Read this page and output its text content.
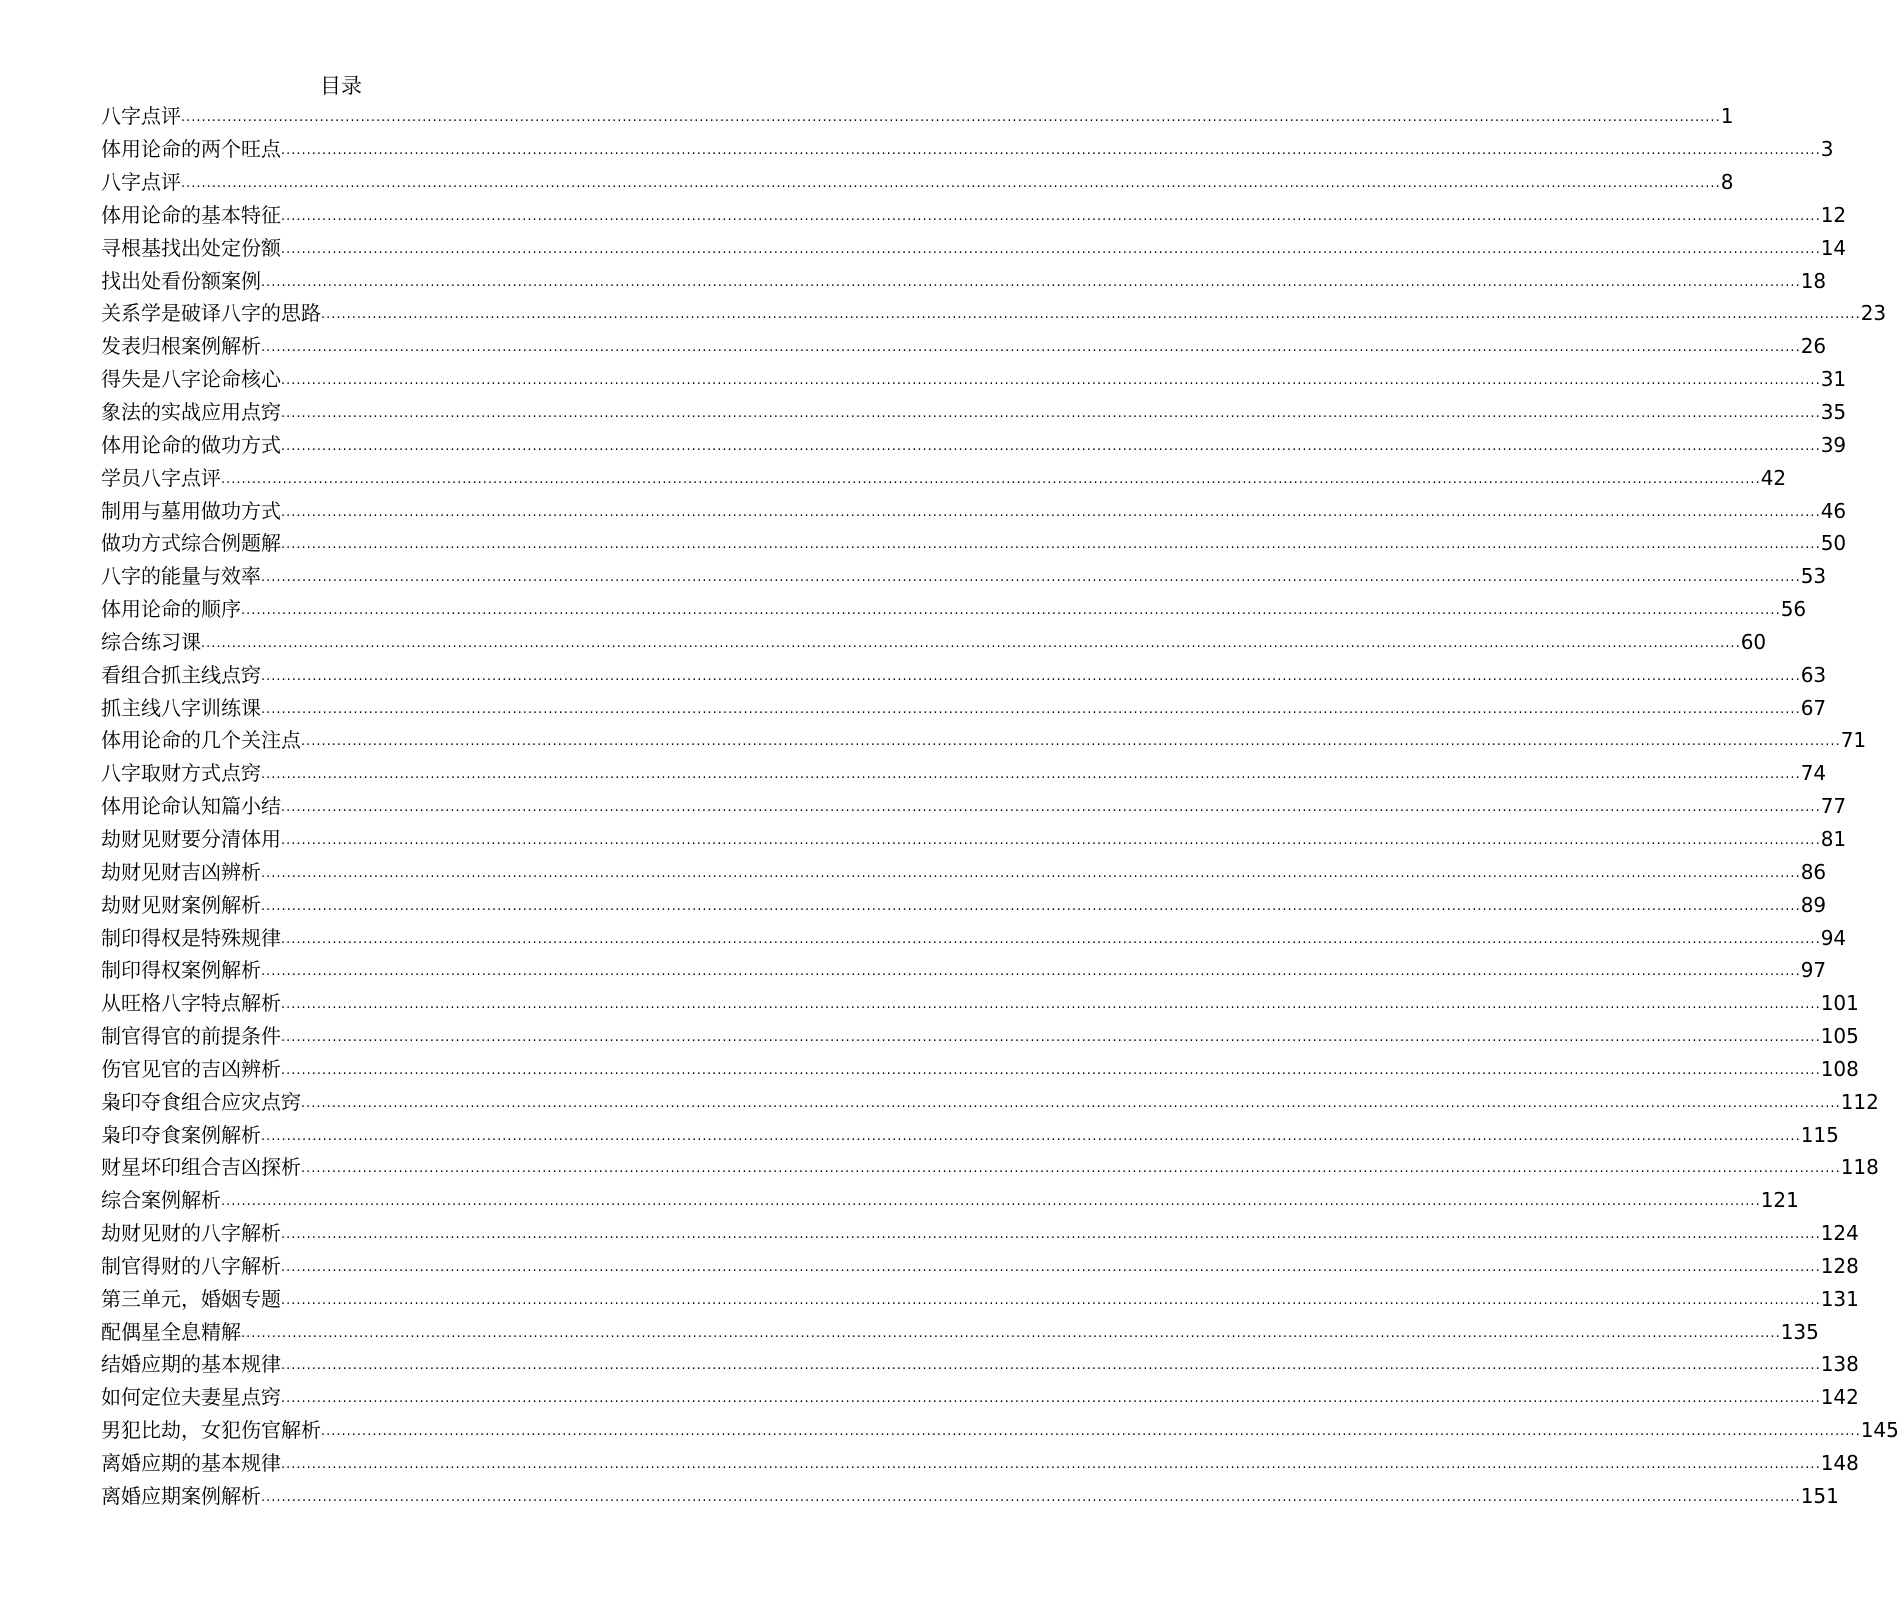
目录
八字点评 ............................................................................................................................................................................................................................................................................................................ 1
体用论命的两个旺点 ............................................................................................................................................................................................................................................................................................................ 3
八字点评 ............................................................................................................................................................................................................................................................................................................ 8
体用论命的基本特征 ............................................................................................................................................................................................................................................................................................................ 12
寻根基找出处定份额 ............................................................................................................................................................................................................................................................................................................ 14
找出处看份额案例 ............................................................................................................................................................................................................................................................................................................ 18
关系学是破译八字的思路 ............................................................................................................................................................................................................................................................................................................ 23
发表归根案例解析 ............................................................................................................................................................................................................................................................................................................ 26
得失是八字论命核心 ............................................................................................................................................................................................................................................................................................................ 31
象法的实战应用点窍 ............................................................................................................................................................................................................................................................................................................ 35
体用论命的做功方式 ............................................................................................................................................................................................................................................................................................................ 39
学员八字点评 ............................................................................................................................................................................................................................................................................................................ 42
制用与墓用做功方式 ............................................................................................................................................................................................................................................................................................................ 46
做功方式综合例题解 ............................................................................................................................................................................................................................................................................................................ 50
八字的能量与效率 ............................................................................................................................................................................................................................................................................................................ 53
体用论命的顺序 ............................................................................................................................................................................................................................................................................................................ 56
综合练习课 ............................................................................................................................................................................................................................................................................................................ 60
看组合抓主线点窍 ............................................................................................................................................................................................................................................................................................................ 63
抓主线八字训练课 ............................................................................................................................................................................................................................................................................................................ 67
体用论命的几个关注点 ............................................................................................................................................................................................................................................................................................................ 71
八字取财方式点窍 ............................................................................................................................................................................................................................................................................................................ 74
体用论命认知篇小结 ............................................................................................................................................................................................................................................................................................................ 77
劫财见财要分清体用 ............................................................................................................................................................................................................................................................................................................ 81
劫财见财吉凶辨析 ............................................................................................................................................................................................................................................................................................................ 86
劫财见财案例解析 ............................................................................................................................................................................................................................................................................................................ 89
制印得权是特殊规律 ............................................................................................................................................................................................................................................................................................................ 94
制印得权案例解析 ............................................................................................................................................................................................................................................................................................................ 97
从旺格八字特点解析 ............................................................................................................................................................................................................................................................................................................ 101
制官得官的前提条件 ............................................................................................................................................................................................................................................................................................................ 105
伤官见官的吉凶辨析 ............................................................................................................................................................................................................................................................................................................ 108
枭印夺食组合应灾点窍 ............................................................................................................................................................................................................................................................................................................ 112
枭印夺食案例解析 ............................................................................................................................................................................................................................................................................................................ 115
财星坏印组合吉凶探析 ............................................................................................................................................................................................................................................................................................................ 118
综合案例解析 ............................................................................................................................................................................................................................................................................................................ 121
劫财见财的八字解析 ............................................................................................................................................................................................................................................................................................................ 124
制官得财的八字解析 ............................................................................................................................................................................................................................................................................................................ 128
第三单元，婚姻专题 ............................................................................................................................................................................................................................................................................................................ 131
配偶星全息精解 ............................................................................................................................................................................................................................................................................................................ 135
结婚应期的基本规律 ............................................................................................................................................................................................................................................................................................................ 138
如何定位夫妻星点窍 ............................................................................................................................................................................................................................................................................................................ 142
男犯比劫，女犯伤官解析 ............................................................................................................................................................................................................................................................................................................ 145
离婚应期的基本规律 ............................................................................................................................................................................................................................................................................................................ 148
离婚应期案例解析 ............................................................................................................................................................................................................................................................................................................ 151
